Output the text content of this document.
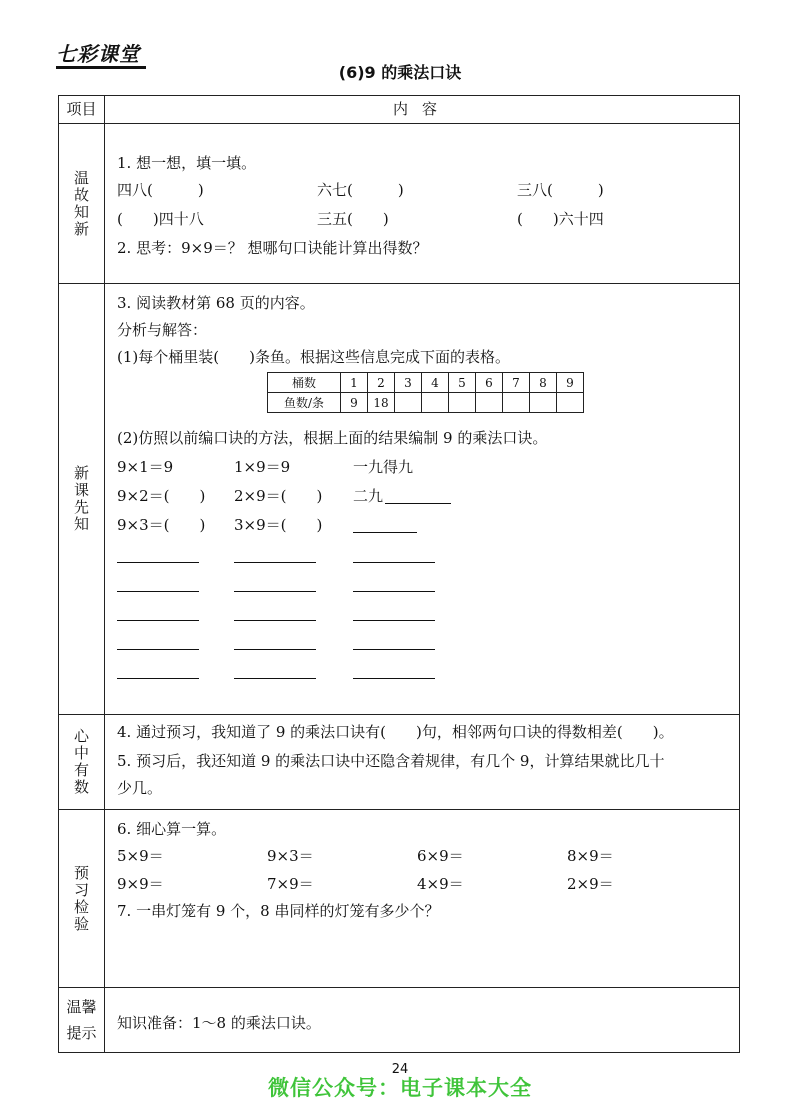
七彩课堂
(6)9 的乘法口诀
项目	内容
温故知新
1. 想一想，填一填。
四八(　　　)	六七(　　　)	三八(　　　)
(　　)四十八	三五(　　)	(　　)六十四
2. 思考：9×9＝？ 想哪句口诀能计算出得数？
新课先知
3. 阅读教材第 68 页的内容。
分析与解答：
(1)每个桶里装(　　)条鱼。根据这些信息完成下面的表格。
桶数	1	2	3	4	5	6	7	8	9
鱼数/条	9	18							
(2)仿照以前编口诀的方法，根据上面的结果编制 9 的乘法口诀。
9×1＝9	1×9＝9	一九得九
9×2＝(　　) 2×9＝(　　) 二九
9×3＝(　　) 3×9＝(　　)
心中有数 4. 通过预习，我知道了 9 的乘法口诀有(　　)句，相邻两句口诀的得数相差(　　)。
5. 预习后，我还知道 9 的乘法口诀中还隐含着规律，有几个 9，计算结果就比几十
少几。
预习检验
6. 细心算一算。
5×9＝	9×3＝	6×9＝	8×9＝
9×9＝	7×9＝	4×9＝	2×9＝
7. 一串灯笼有 9 个，8 串同样的灯笼有多少个？
温馨提示
知识准备：1～8 的乘法口诀。
24
微信公众号：电子课本大全
